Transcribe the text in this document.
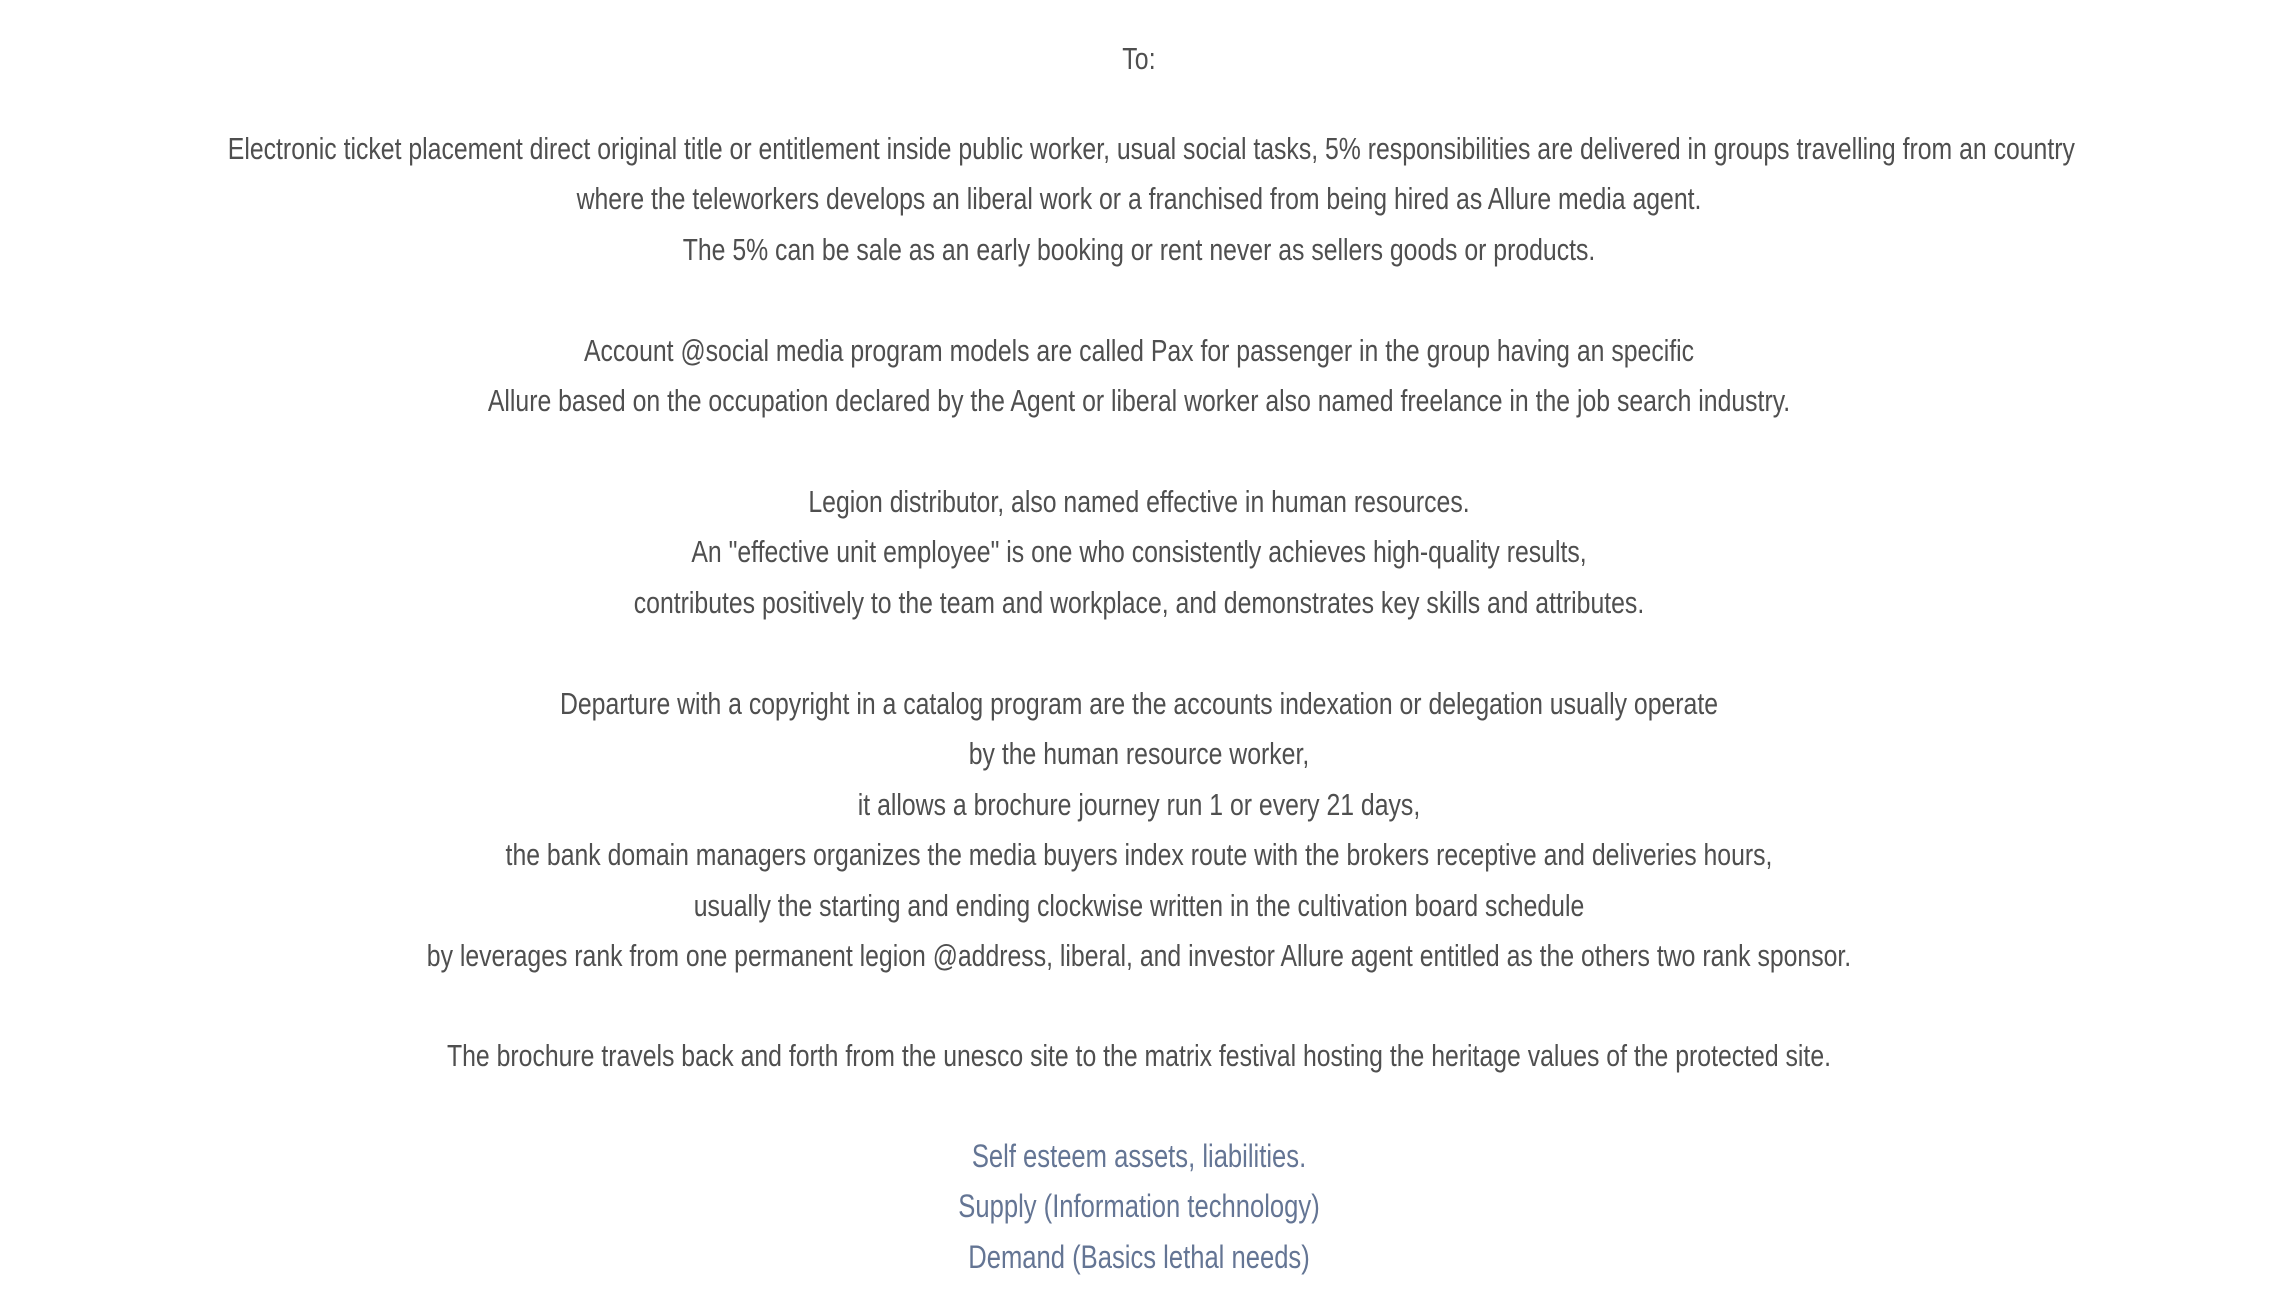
To:
Electronic ticket placement direct original title or entitlement inside public worker, usual social tasks, 5% responsibilities are delivered in groups travelling from an country
where the teleworkers develops an liberal work or a franchised from being hired as Allure media agent.
The 5% can be sale as an early booking or rent never as sellers goods or products.
Account @social media program models are called Pax for passenger in the group having an specific
Allure based on the occupation declared by the Agent or liberal worker also named freelance in the job search industry.
Legion distributor, also named effective in human resources.
An "effective unit employee" is one who consistently achieves high-quality results,
contributes positively to the team and workplace, and demonstrates key skills and attributes.
Departure with a copyright in a catalog program are the accounts indexation or delegation usually operate
by the human resource worker,
it allows a brochure journey run 1 or every 21 days,
the bank domain managers organizes the media buyers index route with the brokers receptive and deliveries hours,
usually the starting and ending clockwise written in the cultivation board schedule
by leverages rank from one permanent legion @address, liberal, and investor Allure agent entitled as the others two rank sponsor.
The brochure travels back and forth from the unesco site to the matrix festival hosting the heritage values of the protected site.
Self esteem assets, liabilities.
Supply (Information technology)
Demand (Basics lethal needs)
